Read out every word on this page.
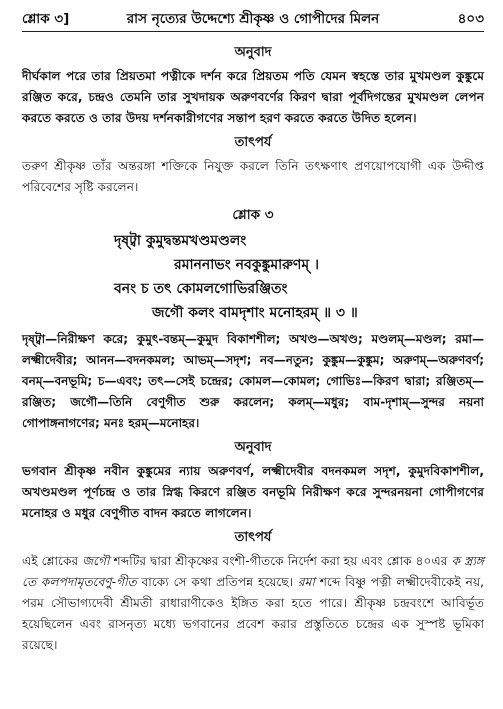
শ্লোক ৩]	রাস নৃত্যের উদ্দেশ্যে শ্রীকৃষ্ণ ও গোপীদের মিলন	৪০৩
অনুবাদ

দীর্ঘকাল পরে তার প্রিয়তমা পত্নীকে দর্শন করে প্রিয়তম পতি যেমন স্বহস্তে তার মুখমণ্ডল কুঙ্কুমে রঞ্জিত করে, চন্দ্রও তেমনি তার সুখদায়ক অরুণবর্ণের কিরণ দ্বারা পূর্বদিগন্তের মুখমণ্ডল লেপন করতে করতে ও তার উদয় দর্শনকারীগণের সন্তাপ হরণ করতে করতে উদিত হলেন।

তাৎপর্য

তরুণ শ্রীকৃষ্ণ তাঁর অন্তরঙ্গা শক্তিকে নিযুক্ত করলে তিনি তৎক্ষণাৎ প্রণয়োপযোগী এক উদ্দীপ্ত পরিবেশের সৃষ্টি করলেন।

শ্লোক ৩
দৃষ্ট্বা কুমুদ্বন্তমখণ্ডমণ্ডলং
রমাননাভং নবকুঙ্কুমারুণম্ ।
বনং চ তৎ কোমলগোভিরঞ্জিতং
জগৌ কলং বামদৃশাং মনোহরম্ ॥ ৩ ॥
দৃষ্ট্বা—নিরীক্ষণ করে; কুমুৎ-বন্তম্—কুমুদ বিকাশশীল; অখণ্ড—অখণ্ড; মণ্ডলম্—মণ্ডল; রমা—লক্ষ্মীদেবীর; আনন—বদনকমল; আভম্—সদৃশ; নব—নতুন; কুঙ্কুম—কুঙ্কুম; অরুণম্—অরুণবর্ণ; বনম্—বনভূমি; চ—এবং; তৎ—সেই চন্দ্রের; কোমল—কোমল; গোভিঃ—কিরণ দ্বারা; রঞ্জিতম্—রঞ্জিত; জগৌ—তিনি বেণুগীত শুরু করলেন; কলম্—মধুর; বাম-দৃশাম্—সুন্দর নয়না গোপাঙ্গনাগণের; মনঃ হরম্—মনোহর।
অনুবাদ

ভগবান শ্রীকৃষ্ণ নবীন কুঙ্কুমের ন্যায় অরুণবর্ণ, লক্ষ্মীদেবীর বদনকমল সদৃশ, কুমুদবিকাশশীল, অখণ্ডমণ্ডল পূর্ণচন্দ্র ও তার স্নিগ্ধ কিরণে রঞ্জিত বনভূমি নিরীক্ষণ করে সুন্দরনয়না গোপীগণের মনোহর ও মধুর বেণুগীত বাদন করতে লাগলেন।

তাৎপর্য

এই শ্লোকের জগৌ শব্দটির দ্বারা শ্রীকৃষ্ণের বংশী-গীতকে নির্দেশ করা হয় এবং শ্লোক ৪০এর ক স্ত্র্যঙ্গ তে কলপদামৃতবেণু-গীত বাক্যে সে কথা প্রতিপন্ন হয়েছে। রমা শব্দে বিষ্ণু পত্নী লক্ষ্মীদেবীকেই নয়, পরম সৌভাগ্যদেবী শ্রীমতী রাধারাণীকেও ইঙ্গিত করা হতে পারে। শ্রীকৃষ্ণ চন্দ্রবংশে আবির্ভূত হয়েছিলেন এবং রাসনৃত্য মধ্যে ভগবানের প্রবেশ করার প্রস্তুতিতে চন্দ্রের এক সুস্পষ্ট ভূমিকা রয়েছে।
